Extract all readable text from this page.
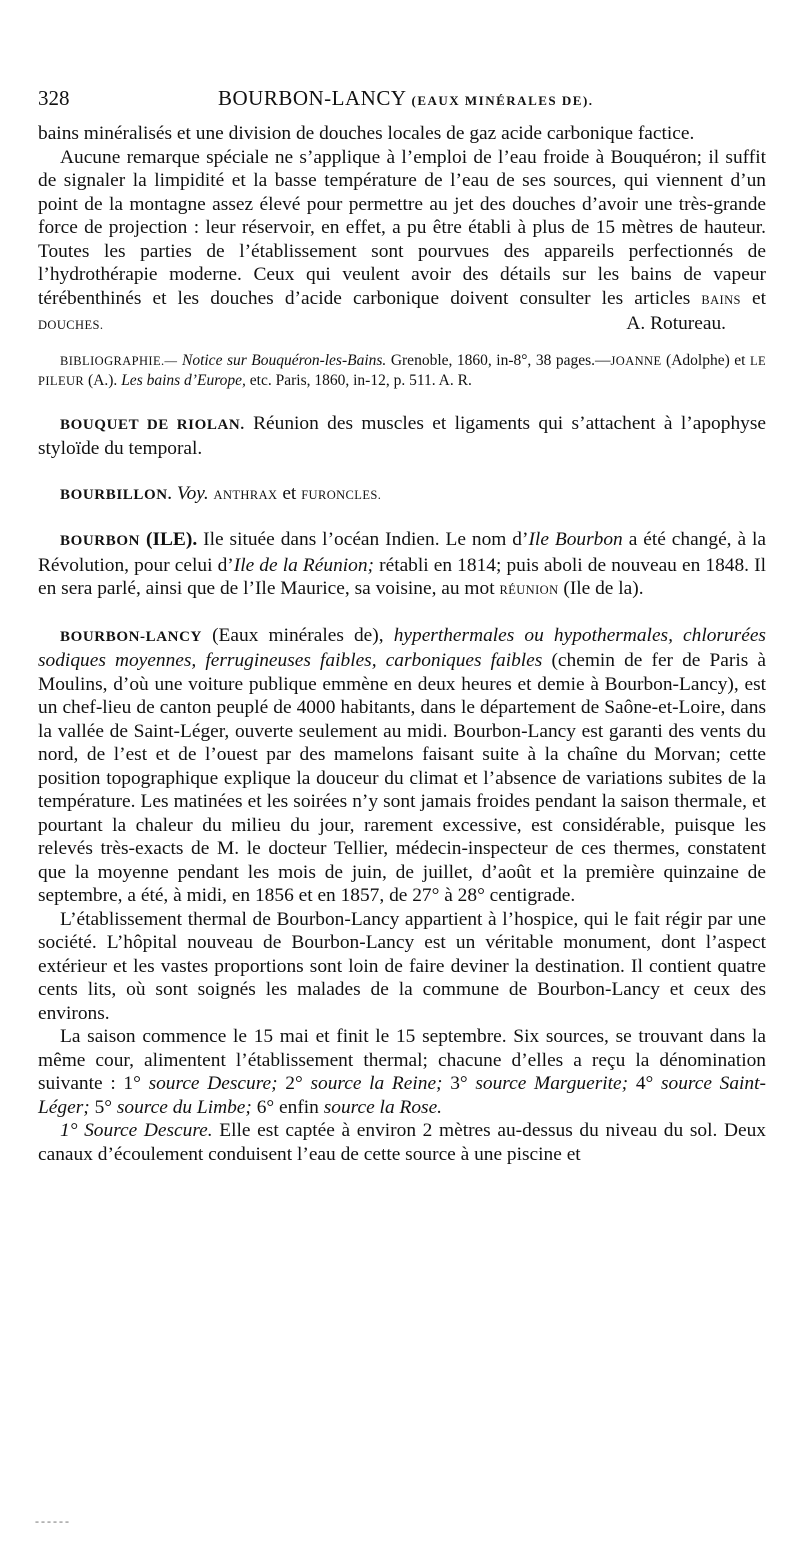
328	BOURBON-LANCY (EAUX MINÉRALES DE).

bains minéralisés et une division de douches locales de gaz acide carbonique factice.

Aucune remarque spéciale ne s’applique à l’emploi de l’eau froide à Bouquéron; il suffit de signaler la limpidité et la basse température de l’eau de ses sources, qui viennent d’un point de la montagne assez élevé pour permettre au jet des douches d’avoir une très-grande force de projection : leur réservoir, en effet, a pu être établi à plus de 15 mètres de hauteur. Toutes les parties de l’établissement sont pourvues des appareils perfectionnés de l’hydrothérapie moderne. Ceux qui veulent avoir des détails sur les bains de vapeur térébenthinés et les douches d’acide carbonique doivent consulter les articles BAINS et DOUCHES.	A. Rotureau.

BIBLIOGRAPHIE.— Notice sur Bouquéron-les-Bains. Grenoble, 1860, in-8°, 38 pages.—JOANNE (Adolphe) et LE PILEUR (A.). Les bains d’Europe, etc. Paris, 1860, in-12, p. 511. A. R.

BOUQUET DE RIOLAN. Réunion des muscles et ligaments qui s’attachent à l’apophyse styloïde du temporal.

BOURBILLON. Voy. ANTHRAX et FURONCLES.

BOURBON (ILE). Ile située dans l’océan Indien. Le nom d’Ile Bourbon a été changé, à la Révolution, pour celui d’Ile de la Réunion; rétabli en 1814; puis aboli de nouveau en 1848. Il en sera parlé, ainsi que de l’Ile Maurice, sa voisine, au mot RÉUNION (Ile de la).

BOURBON-LANCY (Eaux minérales de), hyperthermales ou hypothermales, chlorurées sodiques moyennes, ferrugineuses faibles, carboniques faibles (chemin de fer de Paris à Moulins, d’où une voiture publique emmène en deux heures et demie à Bourbon-Lancy), est un chef-lieu de canton peuplé de 4000 habitants, dans le département de Saône-et-Loire, dans la vallée de Saint-Léger, ouverte seulement au midi. Bourbon-Lancy est garanti des vents du nord, de l’est et de l’ouest par des mamelons faisant suite à la chaîne du Morvan; cette position topographique explique la douceur du climat et l’absence de variations subites de la température. Les matinées et les soirées n’y sont jamais froides pendant la saison thermale, et pourtant la chaleur du milieu du jour, rarement excessive, est considérable, puisque les relevés très-exacts de M. le docteur Tellier, médecin-inspecteur de ces thermes, constatent que la moyenne pendant les mois de juin, de juillet, d’août et la première quinzaine de septembre, a été, à midi, en 1856 et en 1857, de 27° à 28° centigrade.

L’établissement thermal de Bourbon-Lancy appartient à l’hospice, qui le fait régir par une société. L’hôpital nouveau de Bourbon-Lancy est un véritable monument, dont l’aspect extérieur et les vastes proportions sont loin de faire deviner la destination. Il contient quatre cents lits, où sont soignés les malades de la commune de Bourbon-Lancy et ceux des environs.

La saison commence le 15 mai et finit le 15 septembre. Six sources, se trouvant dans la même cour, alimentent l’établissement thermal; chacune d’elles a reçu la dénomination suivante : 1° source Descure; 2° source la Reine; 3° source Marguerite; 4° source Saint-Léger; 5° source du Limbe; 6° enfin source la Rose.

1° Source Descure. Elle est captée à environ 2 mètres au-dessus du niveau du sol. Deux canaux d’écoulement conduisent l’eau de cette source à une piscine et

------
